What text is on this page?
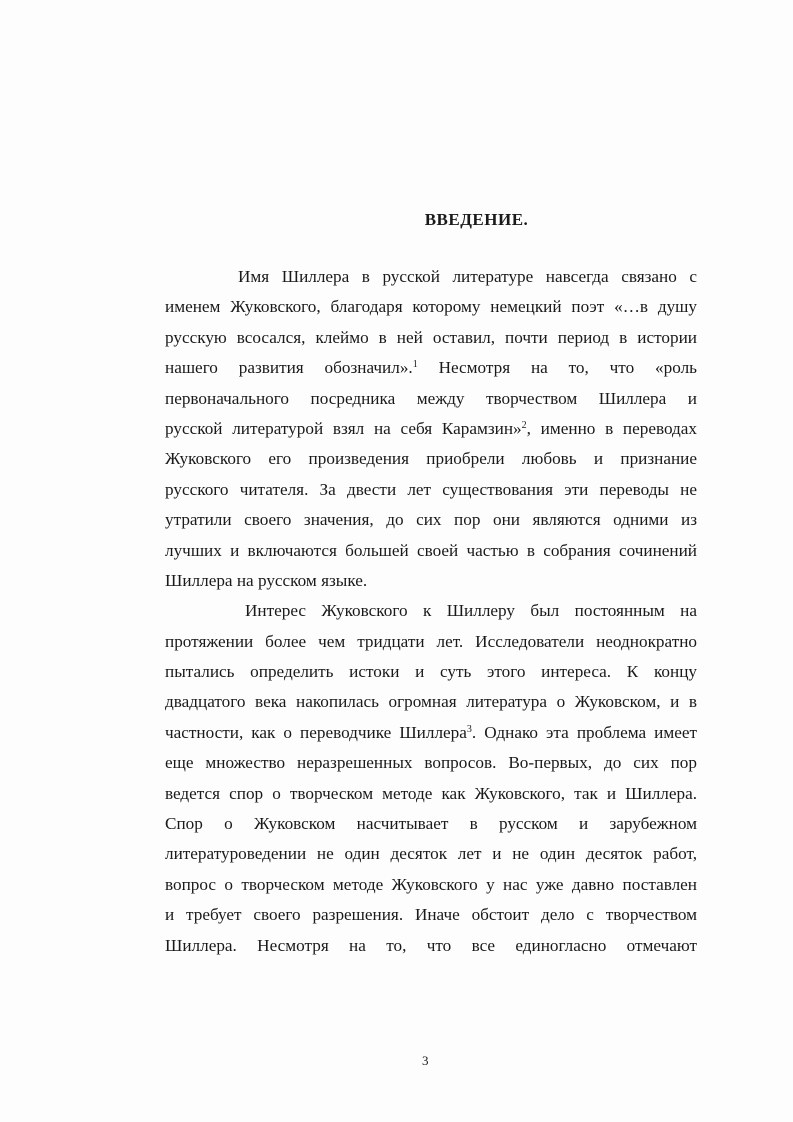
ВВЕДЕНИЕ.
Имя Шиллера в русской литературе навсегда связано с
именем Жуковского, благодаря которому немецкий поэт «…в душу
русскую всосался, клеймо в ней оставил, почти период в истории
нашего развития обозначил».$^1$ Несмотря на то, что «роль
первоначального посредника между творчеством Шиллера и
русской литературой взял на себя Карамзин»$^2$, именно в переводах
Жуковского его произведения приобрели любовь и признание
русского читателя. За двести лет существования эти переводы не
утратили своего значения, до сих пор они являются одними из
лучших и включаются большей своей частью в собрания сочинений
Шиллера на русском языке.
Интерес Жуковского к Шиллеру был постоянным на
протяжении более чем тридцати лет. Исследователи неоднократно
пытались определить истоки и суть этого интереса. К концу
двадцатого века накопилась огромная литература о Жуковском, и в
частности, как о переводчике Шиллера$^3$. Однако эта проблема имеет
еще множество неразрешенных вопросов. Во-первых, до сих пор
ведется спор о творческом методе как Жуковского, так и Шиллера.
Спор о Жуковском насчитывает в русском и зарубежном
литературоведении не один десяток лет и не один десяток работ,
вопрос о творческом методе Жуковского у нас уже давно поставлен
и требует своего разрешения. Иначе обстоит дело с творчеством
Шиллера. Несмотря на то, что все единогласно отмечают
3
